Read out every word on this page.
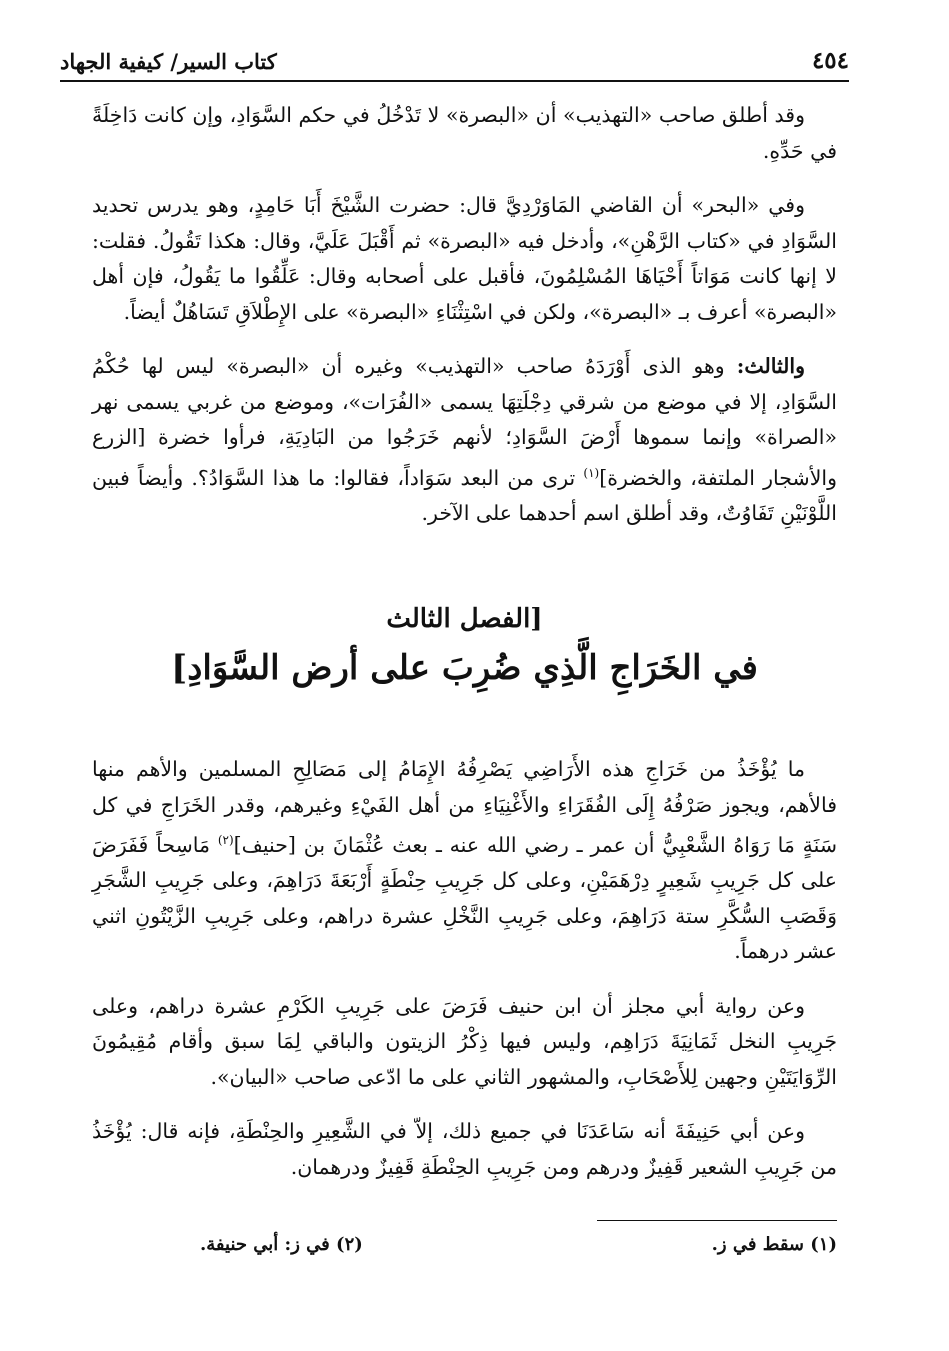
٤٥٤
كتاب السير/ كيفية الجهاد

وقد أطلق صاحب «التهذيب» أن «البصرة» لا تَدْخُلُ في حكم السَّوَادِ، وإن كانت دَاخِلَةً في حَدِّهِ.

وفي «البحر» أن القاضي المَاوَرْدِيَّ قال: حضرت الشَّيْخَ أَبَا حَامِدٍ، وهو يدرس تحديد السَّوَادِ في «كتاب الرَّهْنِ»، وأدخل فيه «البصرة» ثم أَقْبَلَ عَلَيَّ، وقال: هكذا تَقُولُ. فقلت: لا إنها كانت مَوَاتاً أَحْيَاهَا المُسْلِمُونَ، فأقبل على أصحابه وقال: عَلِّقُوا ما يَقُولُ، فإن أهل «البصرة» أعرف بـ «البصرة»، ولكن في اسْتِثْنَاءِ «البصرة» على الإِطْلاَقِ تَسَاهُلٌ أيضاً.

والثالث: وهو الذى أَوْرَدَهُ صاحب «التهذيب» وغيره أن «البصرة» ليس لها حُكْمُ السَّوَادِ، إلا في موضع من شرقي دِجْلَتِهَا يسمى «الفُرَات»، وموضع من غربي يسمى نهر «الصراة» وإنما سموها أَرْضَ السَّوَادِ؛ لأنهم خَرَجُوا من البَادِيَةِ، فرأوا خضرة [الزرع والأشجار الملتفة، والخضرة]$^{(١)}$ ترى من البعد سَوَاداً، فقالوا: ما هذا السَّوَادُ؟. وأيضاً فبين اللَّوْنَيْنِ تَفَاوُتٌ، وقد أطلق اسم أحدهما على الآخر.

[الفصل الثالث
في الخَرَاجِ الَّذِي ضُرِبَ على أرض السَّوَادِ]

ما يُؤْخَذُ من خَرَاجِ هذه الأَرَاضِي يَصْرِفُهُ الإِمَامُ إلى مَصَالِحِ المسلمين والأهم منها فالأهم، ويجوز صَرْفُهُ إِلَى الفُقَرَاءِ والأَغْنِيَاءِ من أهل الفَيْءِ وغيرهم، وقدر الخَرَاجِ في كل سَنَةٍ مَا رَوَاهُ الشَّعْبِيُّ أن عمر ـ رضي الله عنه ـ بعث عُثْمَانَ بن [حنيف]$^{(٢)}$ مَاسِحاً فَفَرَضَ على كل جَرِيبِ شَعِيرٍ دِرْهَمَيْنِ، وعلى كل جَرِيبِ حِنْطَةٍ أَرْبَعَةَ دَرَاهِمَ، وعلى جَرِيبِ الشَّجَرِ وَقَصَبِ السُّكَّرِ ستة دَرَاهِمَ، وعلى جَرِيبِ النَّخْلِ عشرة دراهم، وعلى جَرِيبِ الزَّيْتُونِ اثني عشر درهماً.

وعن رواية أبي مجلز أن ابن حنيف فَرَضَ على جَرِيبِ الكَرْمِ عشرة دراهم، وعلى جَرِيبِ النخل ثَمَانِيَةَ دَرَاهِم، وليس فيها ذِكْرُ الزيتون والباقي لِمَا سبق وأقام مُقِيمُونَ الرِّوَايَتَيْنِ وجهين لِلأَصْحَابِ، والمشهور الثاني على ما ادّعى صاحب «البيان».

وعن أبي حَنِيفَةَ أنه سَاعَدَنَا في جميع ذلك، إلاّ في الشَّعِيرِ والحِنْطَةِ، فإنه قال: يُؤْخَذُ من جَرِيبِ الشعير قَفِيزٌ ودرهم ومن جَرِيبِ الحِنْطَةِ قَفِيزٌ ودرهمان.

(١) سقط في ز.
(٢) في ز: أبي حنيفة.
